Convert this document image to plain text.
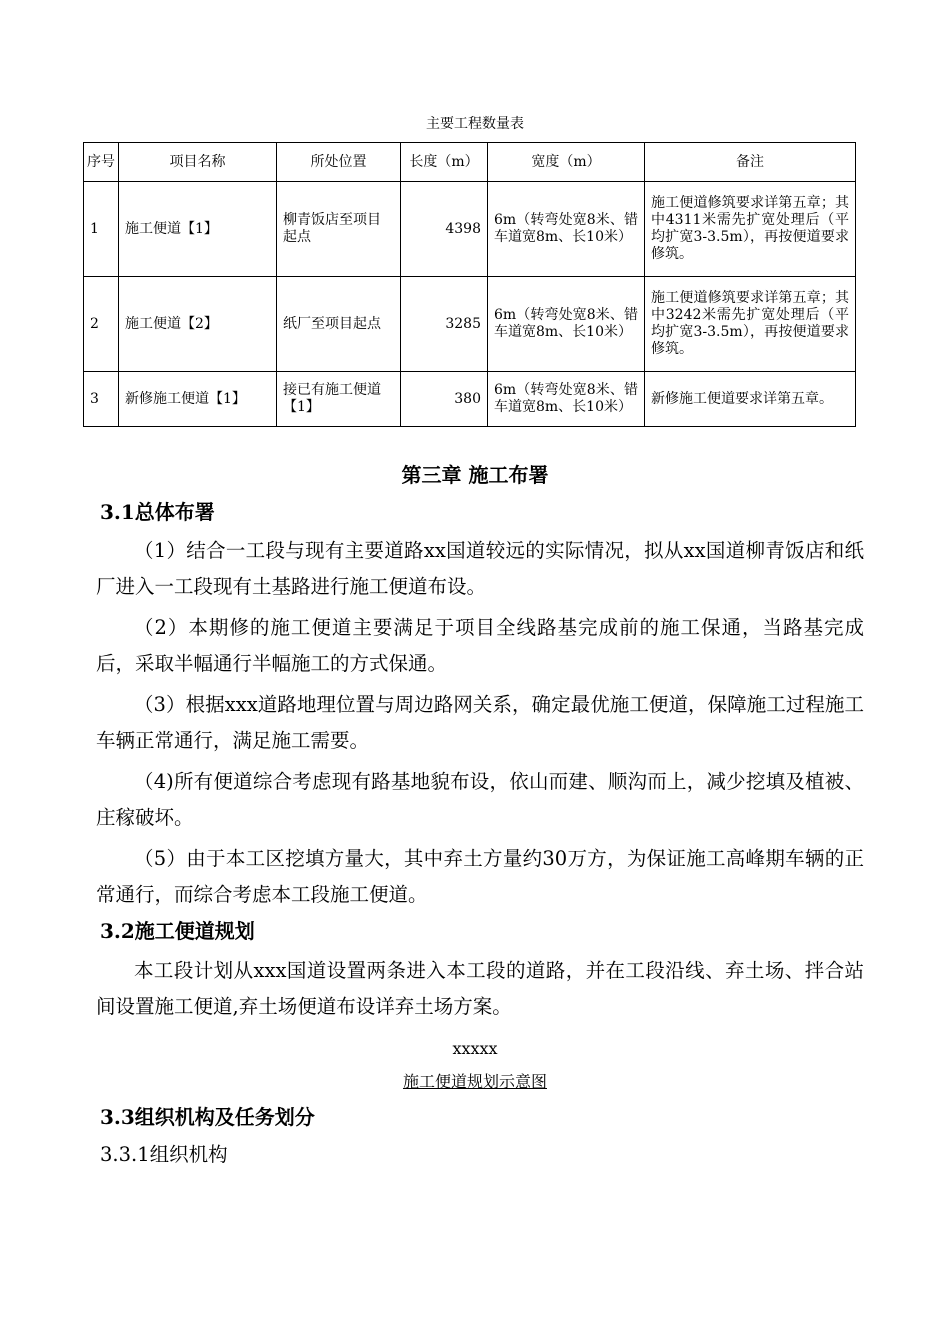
主要工程数量表
序号	项目名称	所处位置	长度（m）	宽度（m）	备注
1	施工便道【1】	柳青饭店至项目起点	4398	6m（转弯处宽8米、错车道宽8m、长10米）	施工便道修筑要求详第五章；其中4311米需先扩宽处理后（平均扩宽3-3.5m），再按便道要求修筑。
2	施工便道【2】	纸厂至项目起点	3285	6m（转弯处宽8米、错车道宽8m、长10米）	施工便道修筑要求详第五章；其中3242米需先扩宽处理后（平均扩宽3-3.5m），再按便道要求修筑。
3	新修施工便道【1】	接已有施工便道【1】	380	6m（转弯处宽8米、错车道宽8m、长10米）	新修施工便道要求详第五章。
第三章 施工布署
3.1总体布署
（1）结合一工段与现有主要道路xx国道较远的实际情况，拟从xx国道柳青饭店和纸厂进入一工段现有土基路进行施工便道布设。
（2）本期修的施工便道主要满足于项目全线路基完成前的施工保通，当路基完成后，采取半幅通行半幅施工的方式保通。
（3）根据xxx道路地理位置与周边路网关系，确定最优施工便道，保障施工过程施工车辆正常通行，满足施工需要。
（4)所有便道综合考虑现有路基地貌布设，依山而建、顺沟而上，减少挖填及植被、庄稼破坏。
（5）由于本工区挖填方量大，其中弃土方量约30万方，为保证施工高峰期车辆的正常通行，而综合考虑本工段施工便道。
3.2施工便道规划
本工段计划从xxx国道设置两条进入本工段的道路，并在工段沿线、弃土场、拌合站间设置施工便道,弃土场便道布设详弃土场方案。
xxxxx
施工便道规划示意图
3.3组织机构及任务划分
3.3.1组织机构
